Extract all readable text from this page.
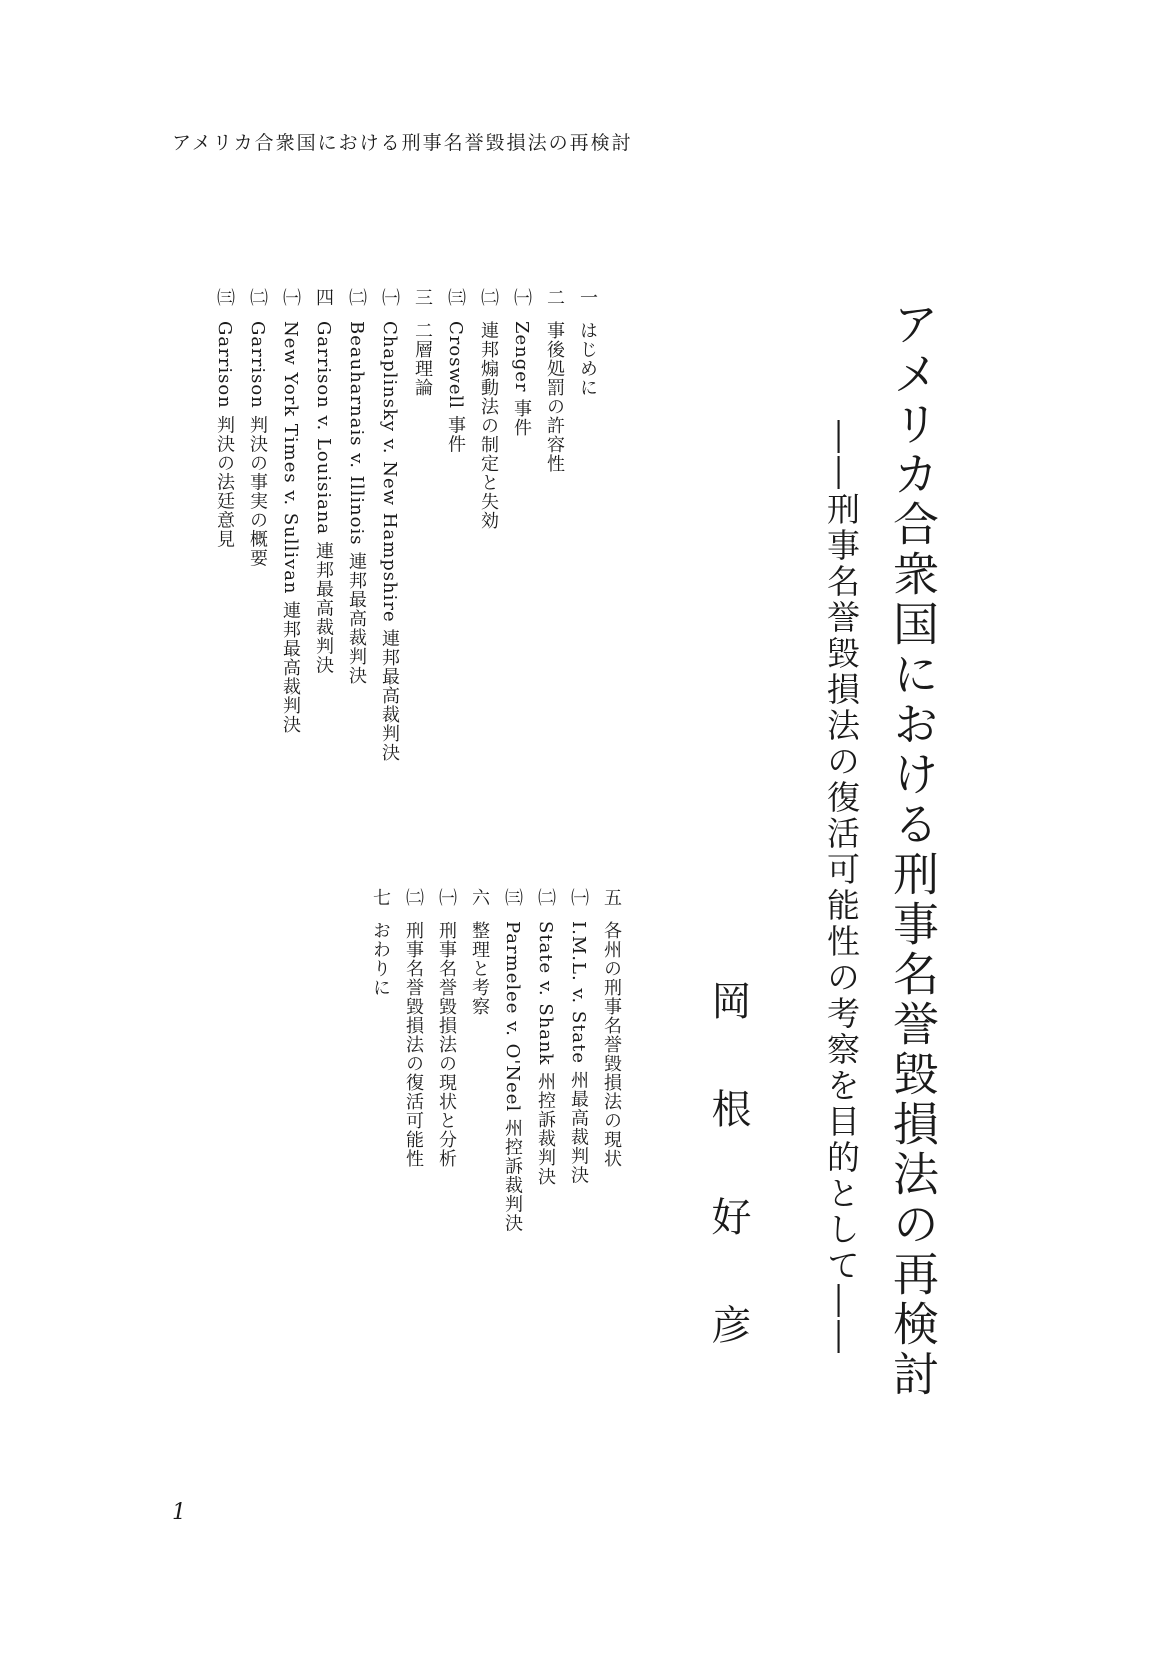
アメリカ合衆国における刑事名誉毀損法の再検討
アメリカ合衆国における刑事名誉毀損法の再検討
――刑事名誉毀損法の復活可能性の考察を目的として――
岡根好彦
一
はじめに
二
事後処罰の許容性
㈠
Zenger 事件
㈡
連邦煽動法の制定と失効
㈢
Croswell 事件
三
二層理論
㈠
Chaplinsky v. New Hampshire 連邦最高裁判決
㈡
Beauharnais v. Illinois 連邦最高裁判決
四
Garrison v. Louisiana 連邦最高裁判決
㈠
New York Times v. Sullivan 連邦最高裁判決
㈡
Garrison 判決の事実の概要
㈢
Garrison 判決の法廷意見
五
各州の刑事名誉毀損法の現状
㈠
I.M.L. v. State 州最高裁判決
㈡
State v. Shank 州控訴裁判決
㈢
Parmelee v. O'Neel 州控訴裁判決
六
整理と考察
㈠
刑事名誉毀損法の現状と分析
㈡
刑事名誉毀損法の復活可能性
七
おわりに
1
